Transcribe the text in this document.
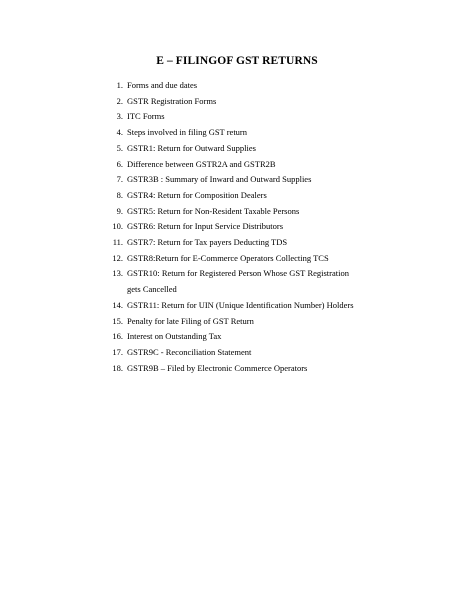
E – FILINGOF GST RETURNS
1. Forms and due dates
2. GSTR Registration Forms
3. ITC Forms
4. Steps involved in filing GST return
5. GSTR1: Return for Outward Supplies
6. Difference between GSTR2A and GSTR2B
7. GSTR3B : Summary of Inward and Outward Supplies
8. GSTR4: Return for Composition Dealers
9. GSTR5: Return for Non-Resident Taxable Persons
10. GSTR6: Return for Input Service Distributors
11. GSTR7: Return for Tax payers Deducting TDS
12. GSTR8:Return for E-Commerce Operators Collecting TCS
13. GSTR10: Return for Registered Person Whose GST Registration gets Cancelled
14. GSTR11: Return for UIN (Unique Identification Number) Holders
15. Penalty for late Filing of GST Return
16. Interest on Outstanding Tax
17. GSTR9C - Reconciliation Statement
18. GSTR9B – Filed by Electronic Commerce Operators
